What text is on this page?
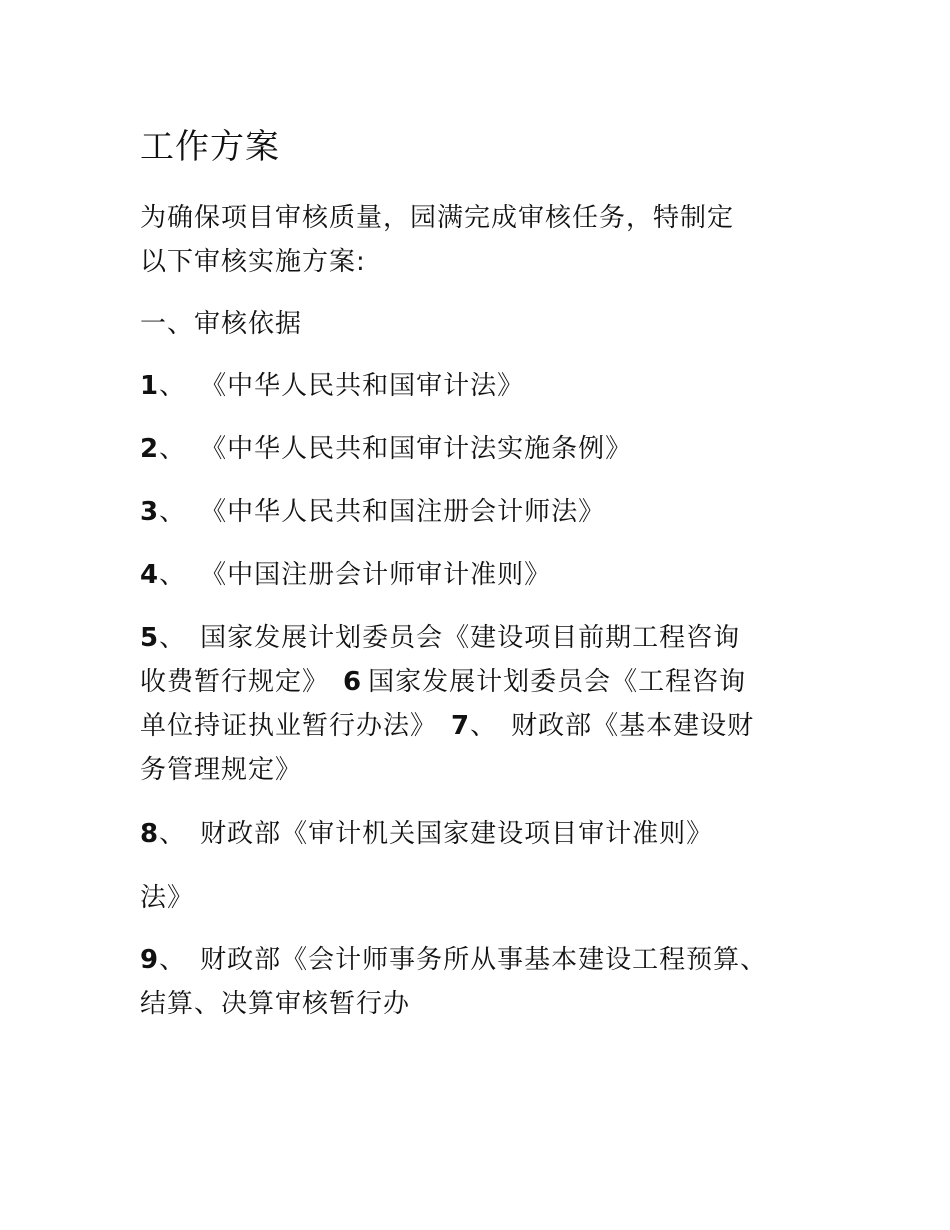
工作方案
为确保项目审核质量，园满完成审核任务，特制定
以下审核实施方案:
一、审核依据
1、 《中华人民共和国审计法》
2、 《中华人民共和国审计法实施条例》
3、 《中华人民共和国注册会计师法》
4、 《中国注册会计师审计准则》
5、 国家发展计划委员会《建设项目前期工程咨询
收费暂行规定》 6 国家发展计划委员会《工程咨询
单位持证执业暂行办法》 7、 财政部《基本建设财
务管理规定》
8、 财政部《审计机关国家建设项目审计准则》
法》
9、 财政部《会计师事务所从事基本建设工程预算、
结算、决算审核暂行办
